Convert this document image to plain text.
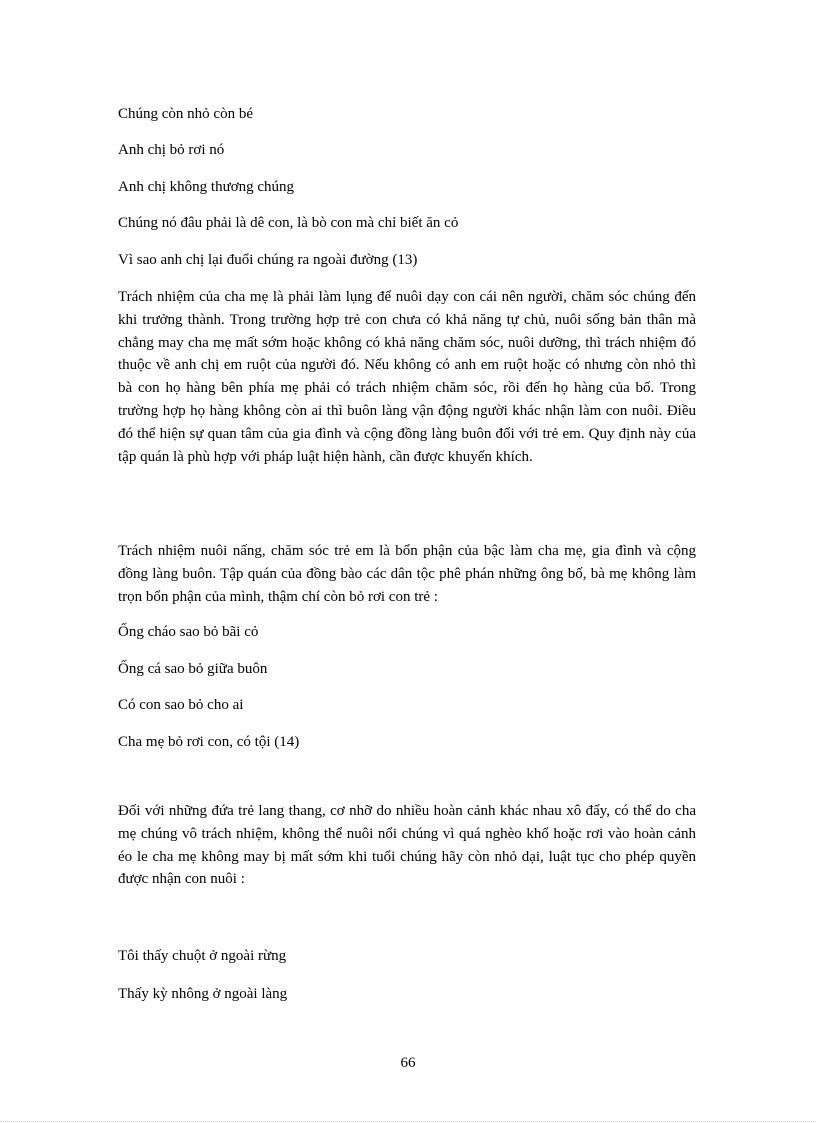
Chúng còn nhỏ còn bé

Anh chị bỏ rơi nó

Anh chị không thương chúng

Chúng nó đâu phải là dê con, là bò con mà chỉ biết ăn cỏ

Vì sao anh chị lại đuổi chúng ra ngoài đường (13)

Trách nhiệm của cha mẹ là phải làm lụng để nuôi dạy con cái nên người, chăm sóc chúng đến khi trưởng thành. Trong trường hợp trẻ con chưa có khả năng tự chủ, nuôi sống bản thân mà chẳng may cha mẹ mất sớm hoặc không có khả năng chăm sóc, nuôi dưỡng, thì trách nhiệm đó thuộc về anh chị em ruột của người đó. Nếu không có anh em ruột hoặc có nhưng còn nhỏ thì bà con họ hàng bên phía mẹ phải có trách nhiệm chăm sóc, rồi đến họ hàng của bố. Trong trường hợp họ hàng không còn ai thì buôn làng vận động người khác nhận làm con nuôi. Điều đó thể hiện sự quan tâm của gia đình và cộng đồng làng buôn đối với trẻ em. Quy định này của tập quán là phù hợp với pháp luật hiện hành, cần được khuyến khích.

Trách nhiệm nuôi nấng, chăm sóc trẻ em là bổn phận của bậc làm cha mẹ, gia đình và cộng đồng làng buôn. Tập quán của đồng bào các dân tộc phê phán những ông bố, bà mẹ không làm trọn bổn phận của mình, thậm chí còn bỏ rơi con trẻ :

Ống cháo sao bỏ bãi cỏ

Ống cá sao bỏ giữa buôn

Có con sao bỏ cho ai

Cha mẹ bỏ rơi con, có tội (14)

Đối với những đứa trẻ lang thang, cơ nhỡ do nhiều hoàn cảnh khác nhau xô đẩy, có thể do cha mẹ chúng vô trách nhiệm, không thể nuôi nổi chúng vì quá nghèo khổ hoặc rơi vào hoàn cảnh éo le cha mẹ không may bị mất sớm khi tuổi chúng hãy còn nhỏ dại, luật tục cho phép quyền được nhận con nuôi :

Tôi thấy chuột ở ngoài rừng

Thấy kỳ nhông ở ngoài làng

66
